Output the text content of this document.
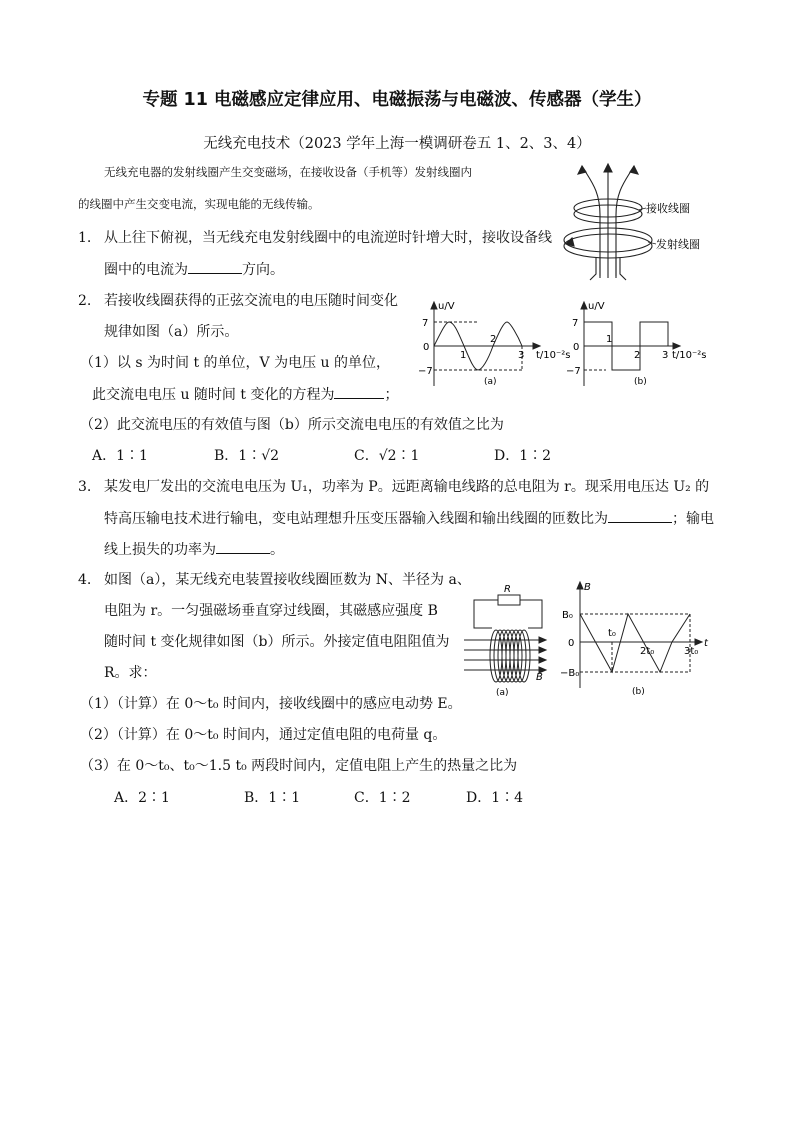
专题 11 电磁感应定律应用、电磁振荡与电磁波、传感器（学生）
无线充电技术（2023 学年上海一模调研卷五 1、2、3、4）
无线充电器的发射线圈产生交变磁场，在接收设备（手机等）发射线圈内
的线圈中产生交变电流，实现电能的无线传输。	接收线圈
发射线圈
1. 从上往下俯视，当无线充电发射线圈中的电流逆时针增大时，接收设备线
圈中的电流为	方向。
2. 若接收线圈获得的正弦交流电的电压随时间变化
规律如图（a）所示。
（1）以 s 为时间 t 的单位，V 为电压 u 的单位，
此交流电电压 u 随时间 t 变化的方程为	；
（2）此交流电压的有效值与图（b）所示交流电电压的有效值之比为
A．1∶1	B．1∶√2	C．√2∶1	D．1∶2
u/V
7
0
−7
1
2
3 t/10⁻²s
(a)
u/V
7
0
−7
1
2 3 t/10⁻²s
(b)
3. 某发电厂发出的交流电电压为 U₁，功率为 P。远距离输电线路的总电阻为 r。现采用电压达 U₂ 的
特高压输电技术进行输电，变电站理想升压变压器输入线圈和输出线圈的匝数比为	；输电
线上损失的功率为	。
4. 如图（a），某无线充电装置接收线圈匝数为 N、半径为 a、
电阻为 r。一匀强磁场垂直穿过线圈，其磁感应强度 B
随时间 t 变化规律如图（b）所示。外接定值电阻阻值为
R。求：
（1）（计算）在 0～t₀ 时间内，接收线圈中的感应电动势 E。
（2）（计算）在 0～t₀ 时间内，通过定值电阻的电荷量 q。
（3）在 0～t₀、t₀～1.5 t₀ 两段时间内，定值电阻上产生的热量之比为
A．2∶1	B．1∶1	C．1∶2	D．1∶4
R
B
(a)
B
B₀
0
−B₀
t₀
2t₀	3t₀
t
(b)
